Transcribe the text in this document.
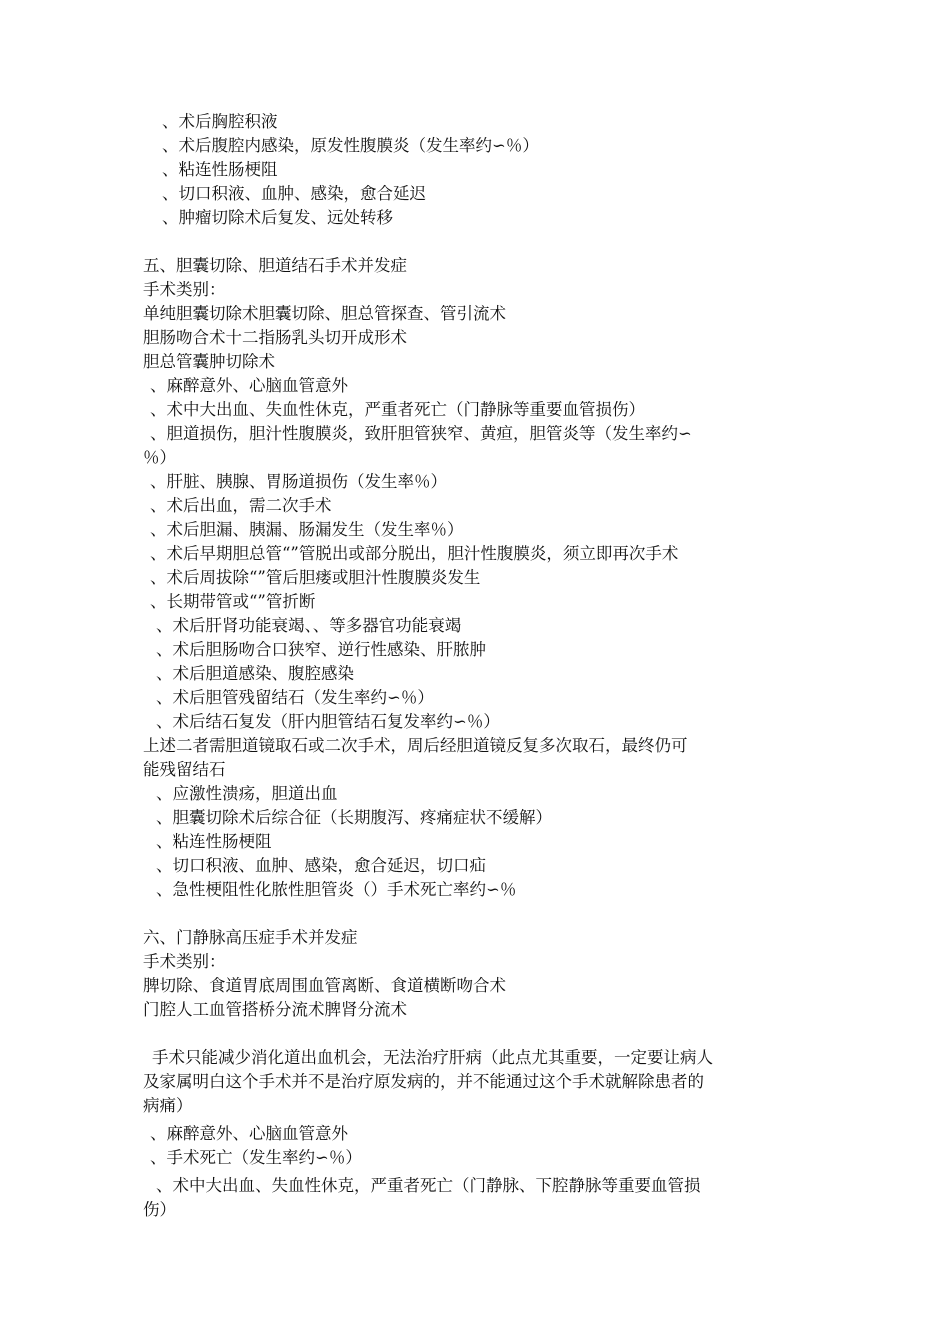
、术后胸腔积液
、术后腹腔内感染，原发性腹膜炎（发生率约∽％）
、粘连性肠梗阻
、切口积液、血肿、感染，愈合延迟
、肿瘤切除术后复发、远处转移
五、胆囊切除、胆道结石手术并发症
手术类别：
单纯胆囊切除术胆囊切除、胆总管探查、管引流术
胆肠吻合术十二指肠乳头切开成形术
胆总管囊肿切除术
、麻醉意外、心脑血管意外
、术中大出血、失血性休克，严重者死亡（门静脉等重要血管损伤）
、胆道损伤，胆汁性腹膜炎，致肝胆管狭窄、黄疸，胆管炎等（发生率约∽
％）
、肝脏、胰腺、胃肠道损伤（发生率％）
、术后出血，需二次手术
、术后胆漏、胰漏、肠漏发生（发生率％）
、术后早期胆总管“”管脱出或部分脱出，胆汁性腹膜炎，须立即再次手术
、术后周拔除“”管后胆瘘或胆汁性腹膜炎发生
、长期带管或“”管折断
、术后肝肾功能衰竭、、等多器官功能衰竭
、术后胆肠吻合口狭窄、逆行性感染、肝脓肿
、术后胆道感染、腹腔感染
、术后胆管残留结石（发生率约∽％）
、术后结石复发（肝内胆管结石复发率约∽％）
上述二者需胆道镜取石或二次手术，周后经胆道镜反复多次取石，最终仍可
能残留结石
、应激性溃疡，胆道出血
、胆囊切除术后综合征（长期腹泻、疼痛症状不缓解）
、粘连性肠梗阻
、切口积液、血肿、感染，愈合延迟，切口疝
、急性梗阻性化脓性胆管炎（）手术死亡率约∽％
六、门静脉高压症手术并发症
手术类别：
脾切除、食道胃底周围血管离断、食道横断吻合术
门腔人工血管搭桥分流术脾肾分流术
手术只能减少消化道出血机会，无法治疗肝病（此点尤其重要，一定要让病人
及家属明白这个手术并不是治疗原发病的，并不能通过这个手术就解除患者的
病痛）
、麻醉意外、心脑血管意外
、手术死亡（发生率约∽％）
、术中大出血、失血性休克，严重者死亡（门静脉、下腔静脉等重要血管损
伤）
